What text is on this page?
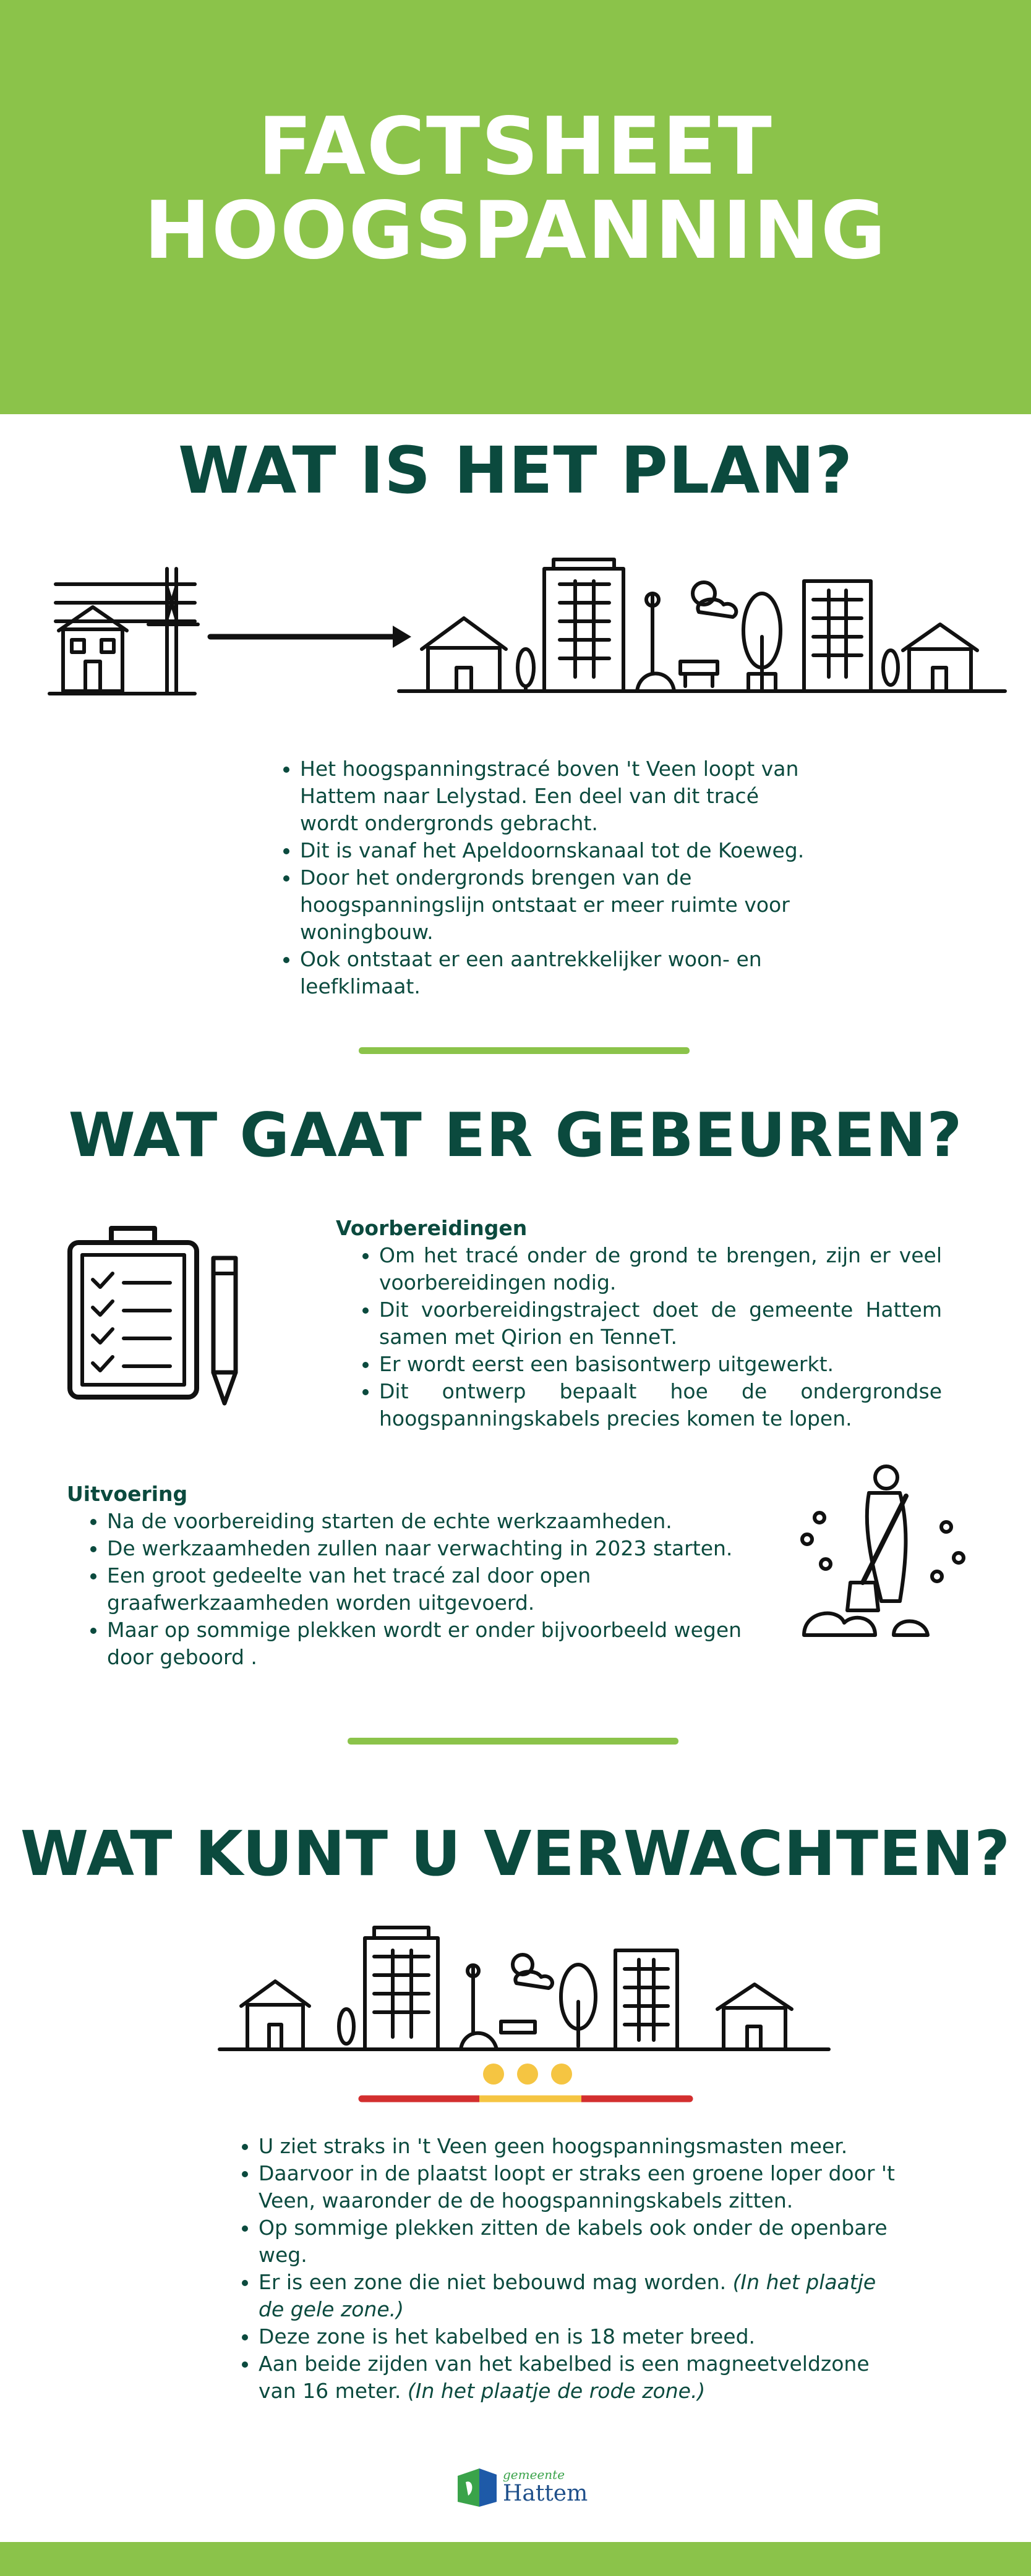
FACTSHEET
HOOGSPANNING
WAT IS HET PLAN?
• Het hoogspanningstracé boven 't Veen loopt van Hattem naar Lelystad. Een deel van dit tracé wordt ondergronds gebracht.
• Dit is vanaf het Apeldoornskanaal tot de Koeweg.
• Door het ondergronds brengen van de hoogspanningslijn ontstaat er meer ruimte voor woningbouw.
• Ook ontstaat er een aantrekkelijker woon- en leefklimaat.
WAT GAAT ER GEBEUREN?
Voorbereidingen
• Om het tracé onder de grond te brengen, zijn er veel voorbereidingen nodig.
• Dit voorbereidingstraject doet de gemeente Hattem samen met Qirion en TenneT.
• Er wordt eerst een basisontwerp uitgewerkt.
• Dit ontwerp bepaalt hoe de ondergrondse hoogspanningskabels precies komen te lopen.
Uitvoering
• Na de voorbereiding starten de echte werkzaamheden.
• De werkzaamheden zullen naar verwachting in 2023 starten.
• Een groot gedeelte van het tracé zal door open graafwerkzaamheden worden uitgevoerd.
• Maar op sommige plekken wordt er onder bijvoorbeeld wegen door geboord .
WAT KUNT U VERWACHTEN?
• U ziet straks in 't Veen geen hoogspanningsmasten meer.
• Daarvoor in de plaatst loopt er straks een groene loper door 't Veen, waaronder de de hoogspanningskabels zitten.
• Op sommige plekken zitten de kabels ook onder de openbare weg.
• Er is een zone die niet bebouwd mag worden. (In het plaatje de gele zone.)
• Deze zone is het kabelbed en is 18 meter breed.
• Aan beide zijden van het kabelbed is een magneetveldzone van 16 meter. (In het plaatje de rode zone.)
gemeente
Hattem
